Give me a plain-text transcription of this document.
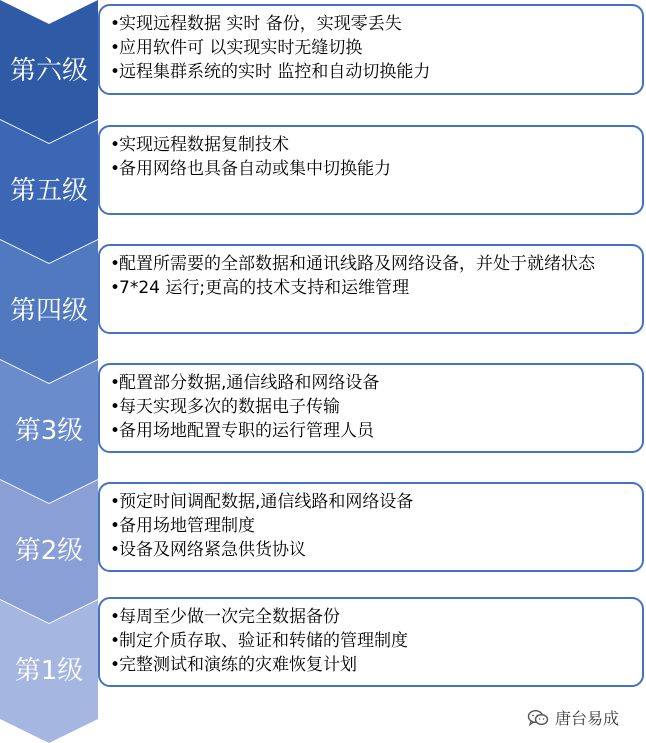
第六级
• 实现远程数据 实时 备份，实现零丢失
• 应用软件可 以实现实时无缝切换
• 远程集群系统的实时 监控和自动切换能力
第五级
• 实现远程数据复制技术
• 备用网络也具备自动或集中切换能力
第四级
• 配置所需要的全部数据和通讯线路及网络设备，并处于就绪状态
• 7*24 运行;更高的技术支持和运维管理
第3级
• 配置部分数据,通信线路和网络设备
• 每天实现多次的数据电子传输
• 备用场地配置专职的运行管理人员
第2级
• 预定时间调配数据,通信线路和网络设备
• 备用场地管理制度
• 设备及网络紧急供货协议
第1级
• 每周至少做一次完全数据备份
• 制定介质存取、验证和转储的管理制度
• 完整测试和演练的灾难恢复计划
唐台易成
